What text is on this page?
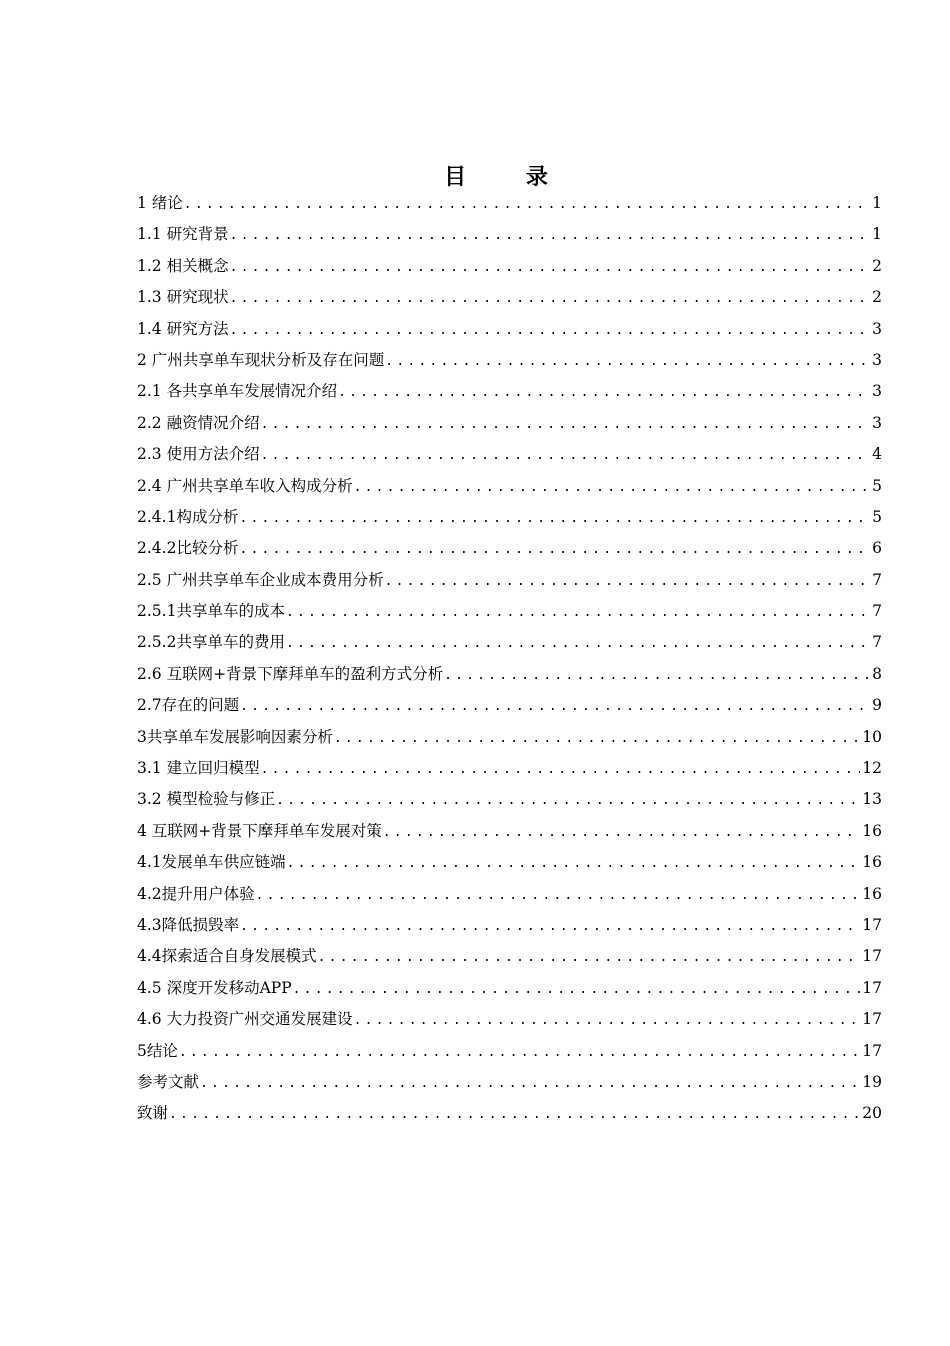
目 录
1 绪论 .....	1
1.1 研究背景 .....	1
1.2 相关概念 .....	2
1.3 研究现状 .....	2
1.4 研究方法 .....	3
2 广州共享单车现状分析及存在问题 .....	3
2.1 各共享单车发展情况介绍 .....	3
2.2 融资情况介绍 .....	3
2.3 使用方法介绍 .....	4
2.4 广州共享单车收入构成分析 .....	5
2.4.1构成分析 .....	5
2.4.2比较分析 .....	6
2.5 广州共享单车企业成本费用分析 .....	7
2.5.1共享单车的成本 .....	7
2.5.2共享单车的费用 .....	7
2.6 互联网+背景下摩拜单车的盈利方式分析 .....	8
2.7存在的问题 .....	9
3共享单车发展影响因素分析 .....	10
3.1 建立回归模型 .....	12
3.2 模型检验与修正 .....	13
4 互联网+背景下摩拜单车发展对策 .....	16
4.1发展单车供应链端 .....	16
4.2提升用户体验 .....	16
4.3降低损毁率 .....	17
4.4探索适合自身发展模式 .....	17
4.5 深度开发移动APP .....	17
4.6 大力投资广州交通发展建设 .....	17
5结论 .....	17
参考文献 .....	19
致谢 .....	20
